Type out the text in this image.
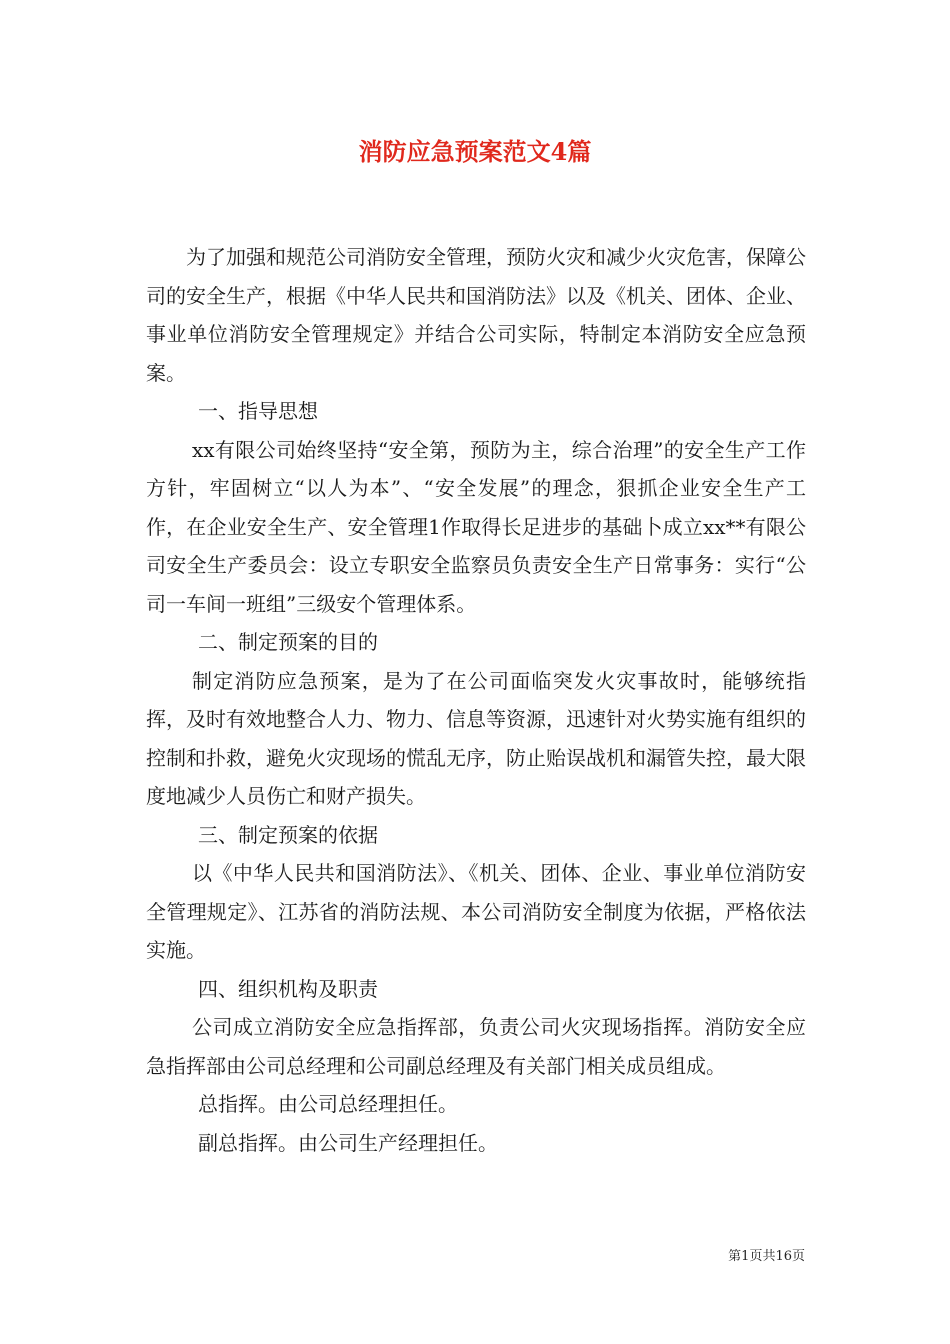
消防应急预案范文4篇

为了加强和规范公司消防安全管理，预防火灾和减少火灾危害，保障公司的安全生产，根据《中华人民共和国消防法》以及《机关、团体、企业、事业单位消防安全管理规定》并结合公司实际，特制定本消防安全应急预案。

一、指导思想

xx有限公司始终坚持“安全第，预防为主，综合治理”的安全生产工作方针，牢固树立“以人为本”、“安全发展”的理念，狠抓企业安全生产工作，在企业安全生产、安全管理1作取得长足进步的基础卜成立xx**有限公司安全生产委员会：设立专职安全监察员负责安全生产日常事务：实行“公司一车间一班组”三级安个管理体系。

二、制定预案的目的

制定消防应急预案，是为了在公司面临突发火灾事故时，能够统指挥，及时有效地整合人力、物力、信息等资源，迅速针对火势实施有组织的控制和扑救，避免火灾现场的慌乱无序，防止贻误战机和漏管失控，最大限度地减少人员伤亡和财产损失。

三、制定预案的依据

以《中华人民共和国消防法》、《机关、团体、企业、事业单位消防安全管理规定》、江苏省的消防法规、本公司消防安全制度为依据，严格依法实施。

四、组织机构及职责

公司成立消防安全应急指挥部，负责公司火灾现场指挥。消防安全应急指挥部由公司总经理和公司副总经理及有关部门相关成员组成。

总指挥。由公司总经理担任。

副总指挥。由公司生产经理担任。

第1页共16页
